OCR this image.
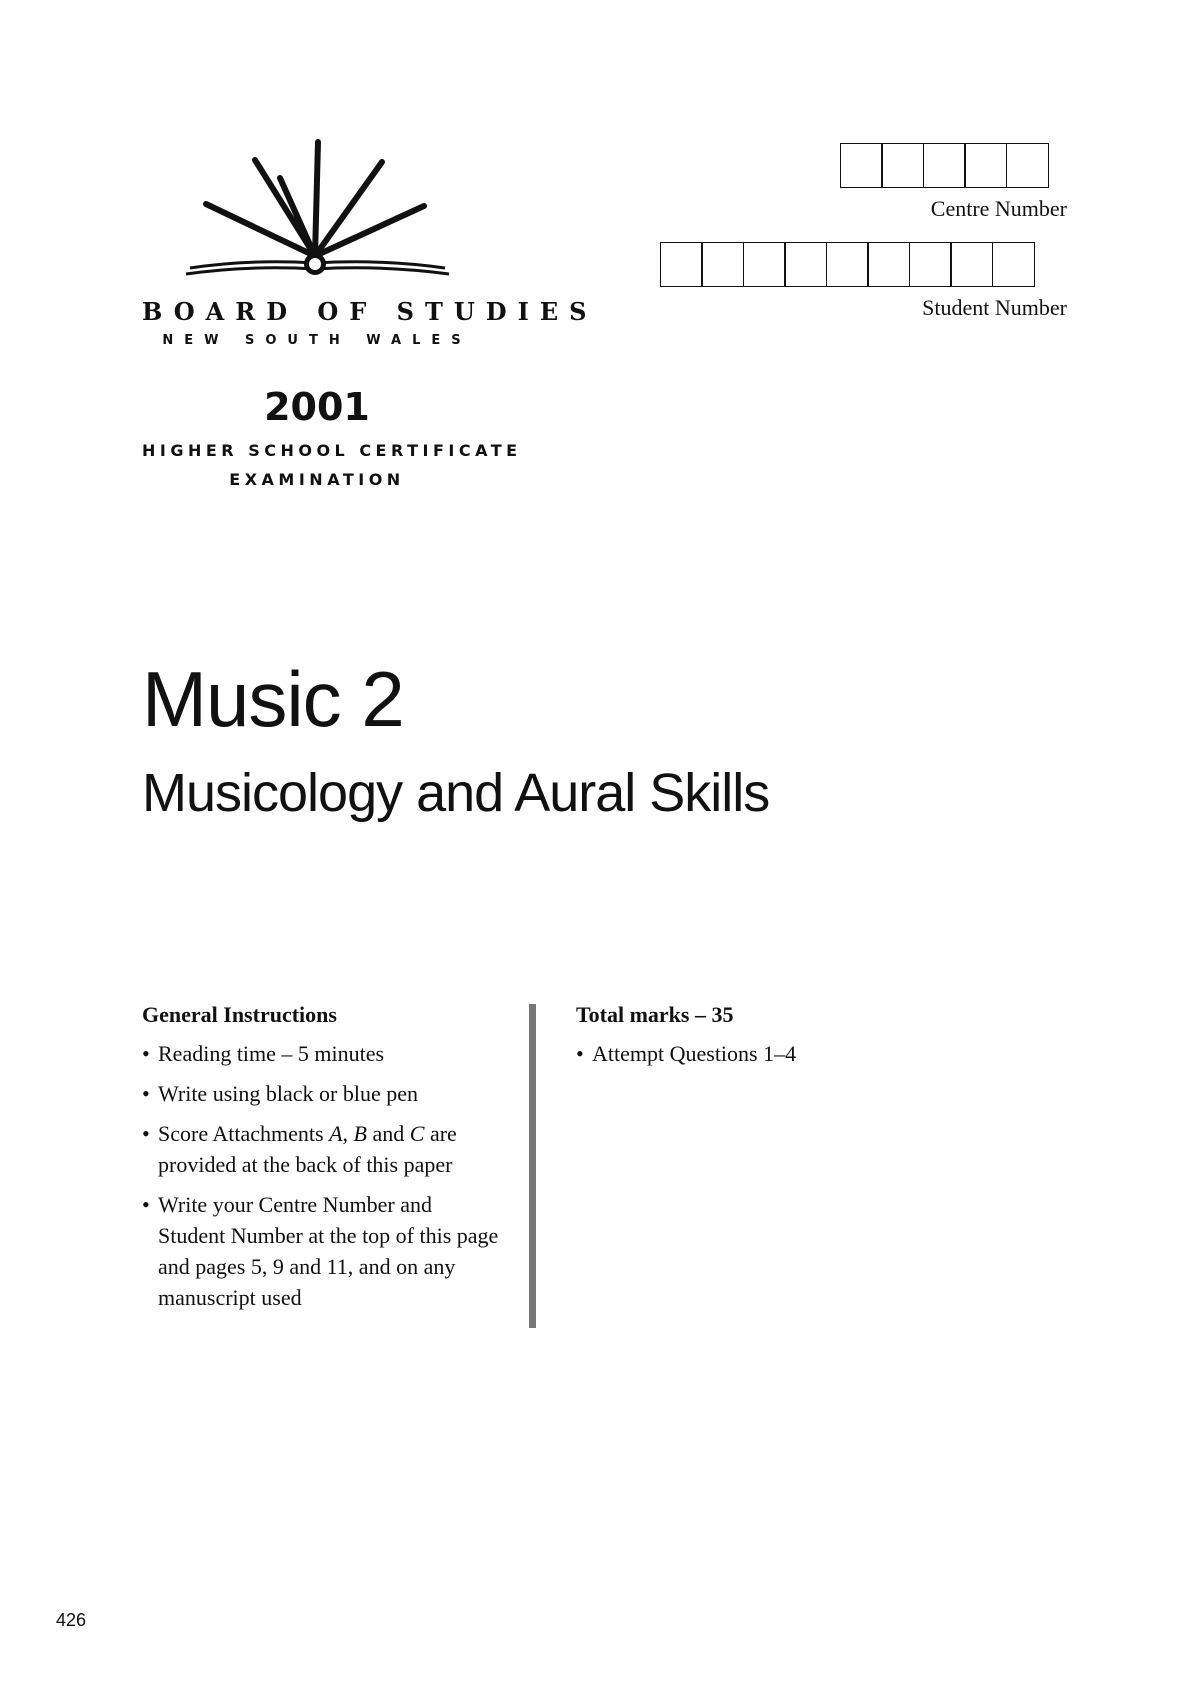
BOARD OF STUDIES
NEW SOUTH WALES
2001
HIGHER SCHOOL CERTIFICATE
EXAMINATION
Centre Number
Student Number
Music 2
Musicology and Aural Skills
General Instructions
• Reading time – 5 minutes
• Write using black or blue pen
• Score Attachments A, B and C are provided at the back of this paper
• Write your Centre Number and Student Number at the top of this page and pages 5, 9 and 11, and on any manuscript used
Total marks – 35
• Attempt Questions 1–4
426
